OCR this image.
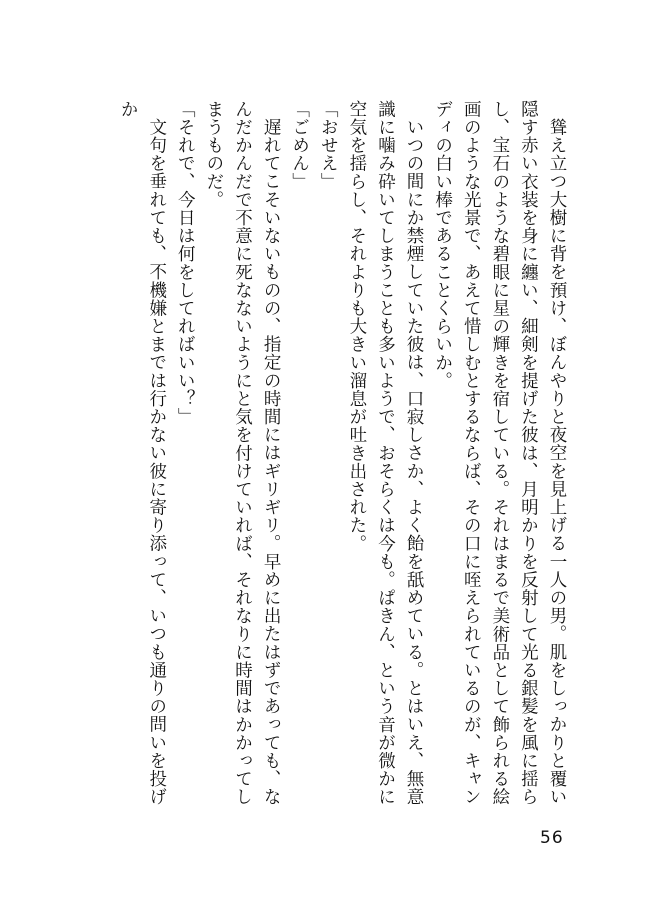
聳え立つ大樹に背を預け、ぼんやりと夜空を見上げる一人の男。肌をしっかりと覆い隠す赤い衣装を身に纏い、細剣を提げた彼は、月明かりを反射して光る銀髪を風に揺らし、宝石のような碧眼に星の輝きを宿している。それはまるで美術品として飾られる絵画のような光景で、あえて惜しむとするならば、その口に咥えられているのが、キャンディの白い棒であることくらいか。

いつの間にか禁煙していた彼は、口寂しさか、よく飴を舐めている。とはいえ、無意識に噛み砕いてしまうことも多いようで、おそらくは今も。ぱきん、という音が微かに空気を揺らし、それよりも大きい溜息が吐き出された。

「おせえ」

「ごめん」

遅れてこそいないものの、指定の時間にはギリギリ。早めに出たはずであっても、なんだかんだで不意に死なないようにと気を付けていれば、それなりに時間はかかってしまうものだ。

「それで、今日は何をしてればいい？」

文句を垂れても、不機嫌とまでは行かない彼に寄り添って、いつも通りの問いを投げか

56
